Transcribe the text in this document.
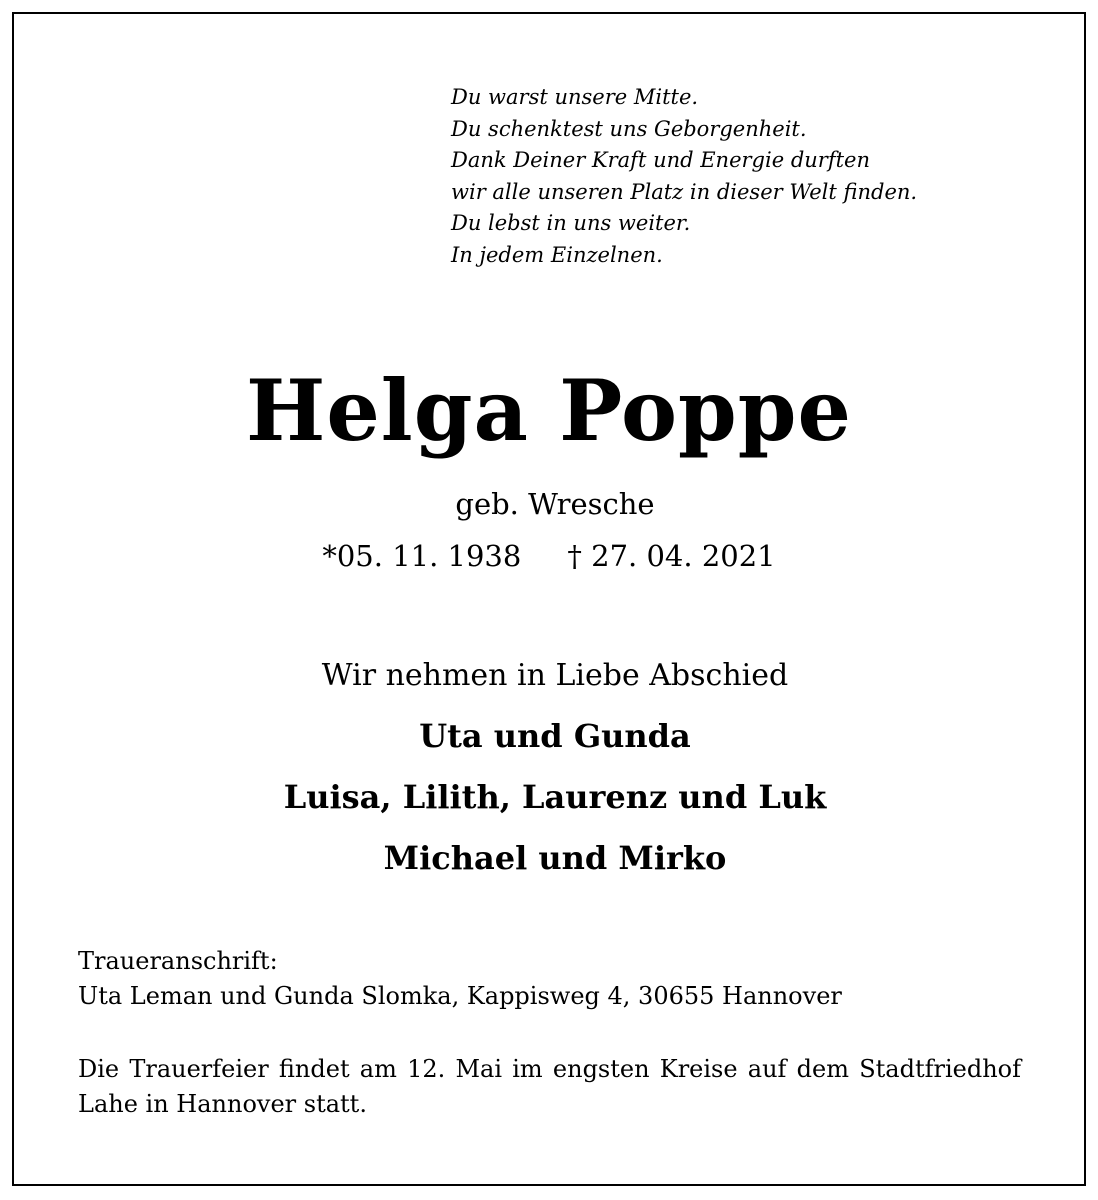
Du warst unsere Mitte.
Du schenktest uns Geborgenheit.
Dank Deiner Kraft und Energie durften
wir alle unseren Platz in dieser Welt finden.
Du lebst in uns weiter.
In jedem Einzelnen.
Helga Poppe
geb. Wresche
*05. 11. 1938     † 27. 04. 2021
Wir nehmen in Liebe Abschied
Uta und Gunda
Luisa, Lilith, Laurenz und Luk
Michael und Mirko
Traueranschrift:
Uta Leman und Gunda Slomka, Kappisweg 4, 30655 Hannover
Die Trauerfeier findet am 12. Mai im engsten Kreise auf dem Stadtfriedhof Lahe in Hannover statt.
